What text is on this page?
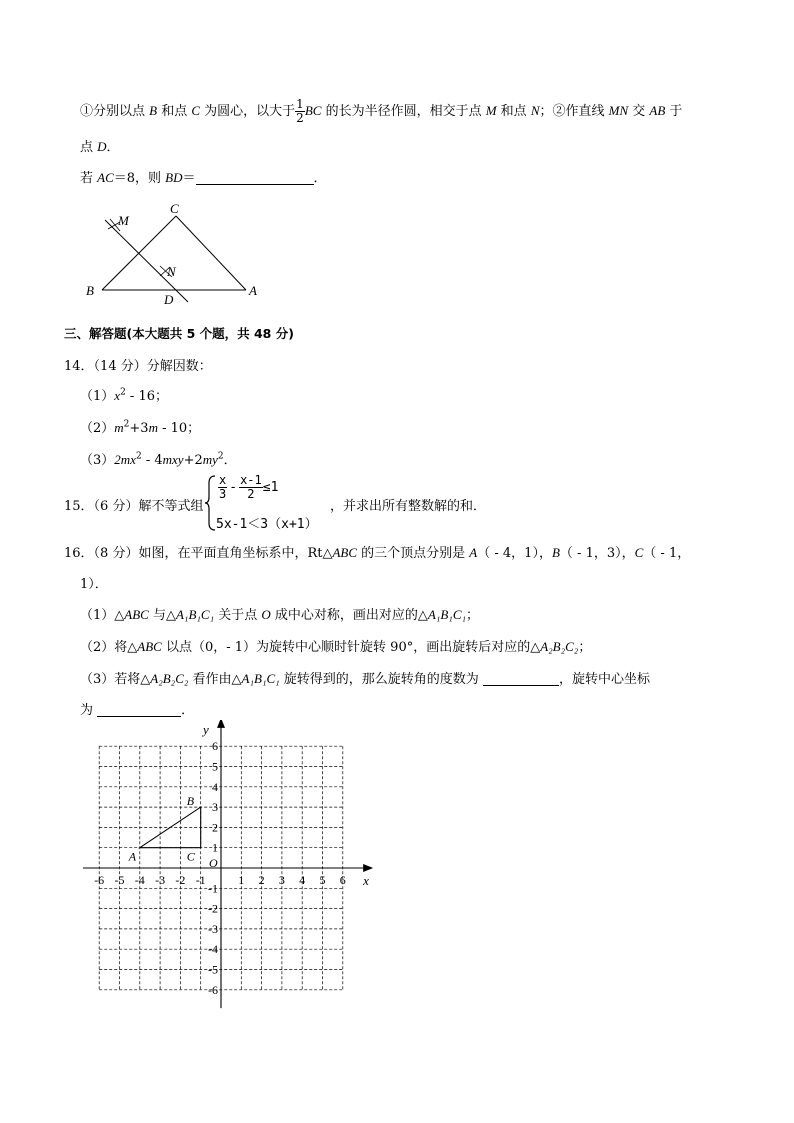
①分别以点 B 和点 C 为圆心，以大于 $\frac{1}{2}$ BC 的长为半径作圆，相交于点 M 和点 N；②作直线 MN 交 AB 于
点 D．
若 AC＝8，则 BD＝	．
M
C
N
B
D
A
三、解答题(本大题共 5 个题，共 48 分)
14．（14 分）分解因数：
$(1)x^2 - 16$；
$(2)m^2+3m - 10$；
$(3)2mx^2 - 4mxy+2my^2$．
15．（6 分）解不等式组
$\frac{x}{3} - \frac{x-1}{2} \le 1$
5x-1＜3（x+1）
，并求出所有整数解的和．
16．（8 分）如图，在平面直角坐标系中，Rt△ABC 的三个顶点分别是 A（ - 4，1），B（ - 1，3），C（ - 1，
1）．
（1）△ABC 与△A₁B₁C₁ 关于点 O 成中心对称，画出对应的△A₁B₁C₁；
（2）将△ABC 以点（0，- 1）为旋转中心顺时针旋转 90°，画出旋转后对应的△A₂B₂C₂；
（3）若将△A₂B₂C₂ 看作由△A₁B₁C₁ 旋转得到的，那么旋转角的度数为	，旋转中心坐标
为	．
x
y
O
-6 -5 -4 -3 -2 -1	1 2 3 4 5 6
6
5
4
3
2
1
-1
-2
-3
-4
-5
-6
A
B
C
